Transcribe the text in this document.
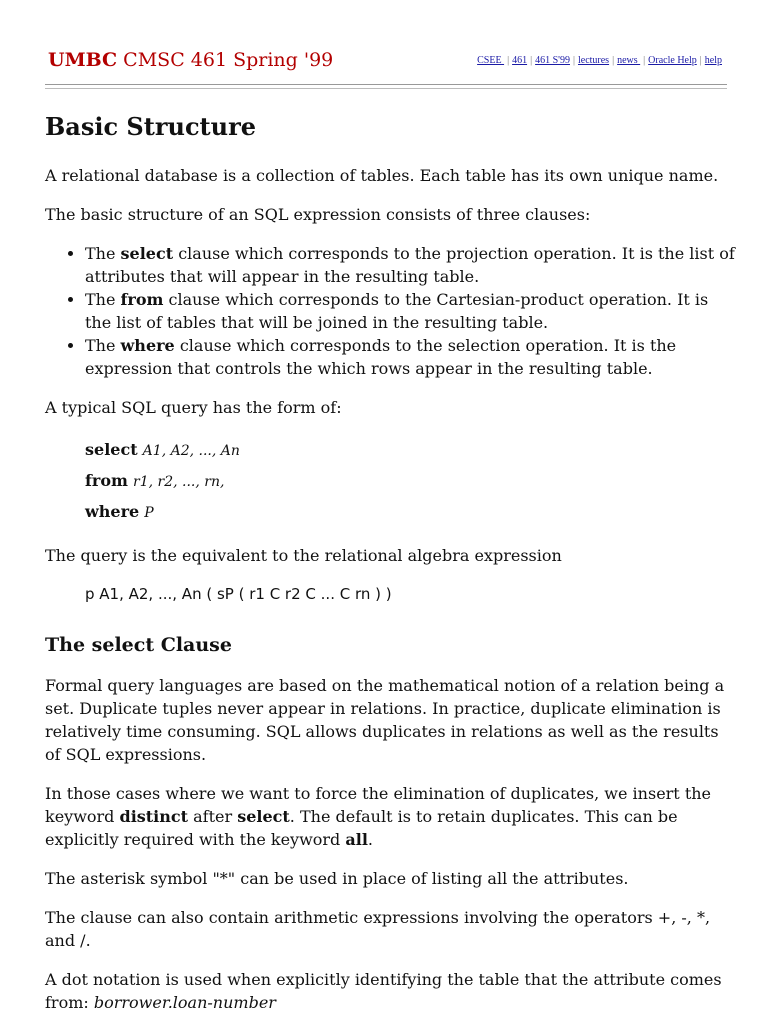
UMBC CMSC 461 Spring '99	CSEE | 461 | 461 S'99 | lectures | news | Oracle Help | help
Basic Structure

A relational database is a collection of tables. Each table has its own unique name.

The basic structure of an SQL expression consists of three clauses:

• The select clause which corresponds to the projection operation. It is the list of attributes that will appear in the resulting table.
• The from clause which corresponds to the Cartesian-product operation. It is the list of tables that will be joined in the resulting table.
• The where clause which corresponds to the selection operation. It is the expression that controls the which rows appear in the resulting table.

A typical SQL query has the form of:

select A1, A2, ..., An
from r1, r2, ..., rn,
where P

The query is the equivalent to the relational algebra expression

p A1, A2, ..., An ( sP ( r1 C r2 C ... C rn ) )
The select Clause

Formal query languages are based on the mathematical notion of a relation being a set. Duplicate tuples never appear in relations. In practice, duplicate elimination is relatively time consuming. SQL allows duplicates in relations as well as the results of SQL expressions.

In those cases where we want to force the elimination of duplicates, we insert the keyword distinct after select. The default is to retain duplicates. This can be explicitly required with the keyword all.

The asterisk symbol "*" can be used in place of listing all the attributes.

The clause can also contain arithmetic expressions involving the operators +, -, *, and /.

A dot notation is used when explicitly identifying the table that the attribute comes from: borrower.loan-number
